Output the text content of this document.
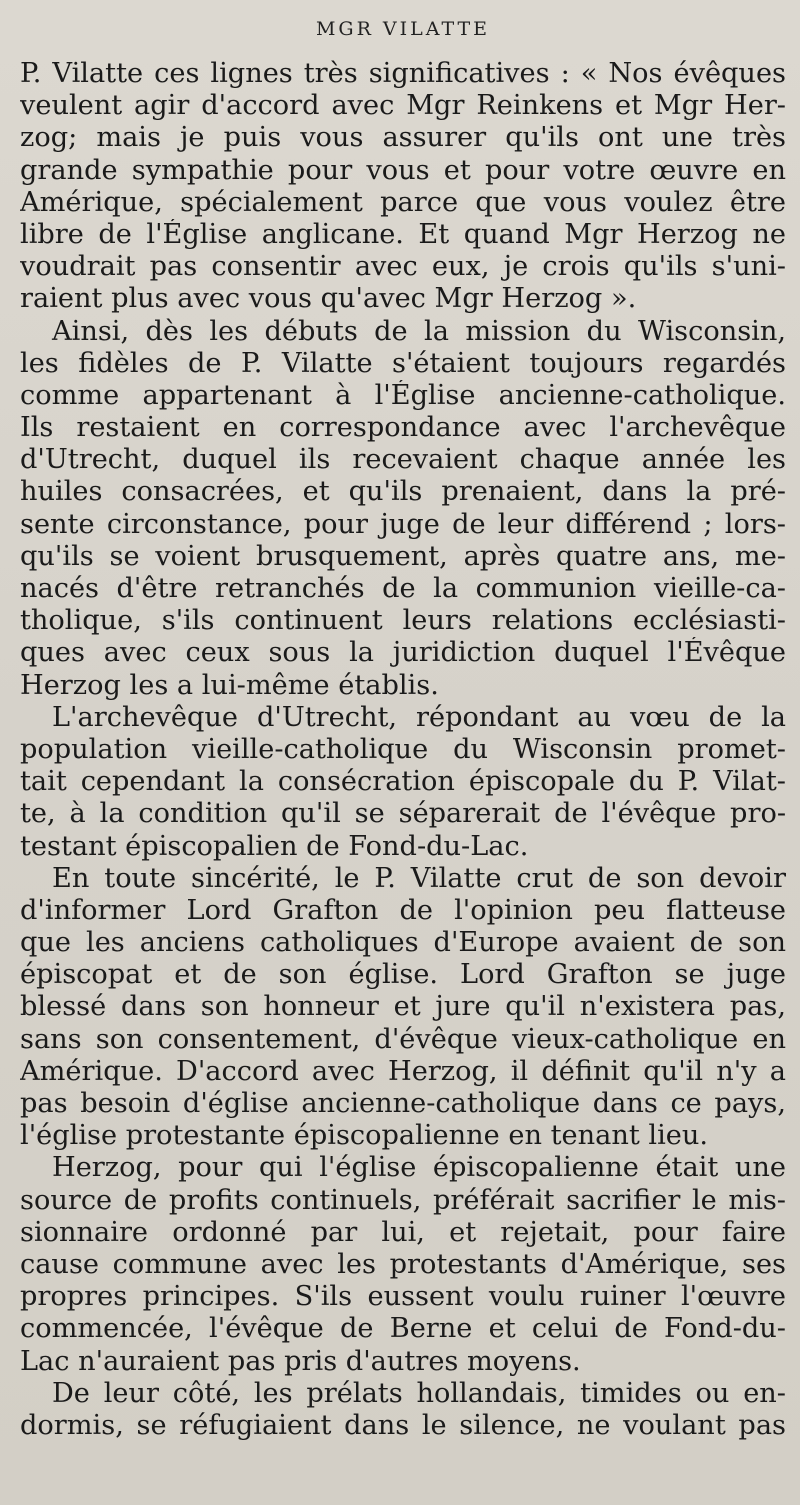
MGR VILATTE
P. Vilatte ces lignes très significatives : « Nos évêques
veulent agir d'accord avec Mgr Reinkens et Mgr Her-
zog; mais je puis vous assurer qu'ils ont une très
grande sympathie pour vous et pour votre œuvre en
Amérique, spécialement parce que vous voulez être
libre de l'Église anglicane. Et quand Mgr Herzog ne
voudrait pas consentir avec eux, je crois qu'ils s'uni-
raient plus avec vous qu'avec Mgr Herzog ».
Ainsi, dès les débuts de la mission du Wisconsin,
les fidèles de P. Vilatte s'étaient toujours regardés
comme appartenant à l'Église ancienne-catholique.
Ils restaient en correspondance avec l'archevêque
d'Utrecht, duquel ils recevaient chaque année les
huiles consacrées, et qu'ils prenaient, dans la pré-
sente circonstance, pour juge de leur différend ; lors-
qu'ils se voient brusquement, après quatre ans, me-
nacés d'être retranchés de la communion vieille-ca-
tholique, s'ils continuent leurs relations ecclésiasti-
ques avec ceux sous la juridiction duquel l'Évêque
Herzog les a lui-même établis.
L'archevêque d'Utrecht, répondant au vœu de la
population vieille-catholique du Wisconsin promet-
tait cependant la consécration épiscopale du P. Vilat-
te, à la condition qu'il se séparerait de l'évêque pro-
testant épiscopalien de Fond-du-Lac.
En toute sincérité, le P. Vilatte crut de son devoir
d'informer Lord Grafton de l'opinion peu flatteuse
que les anciens catholiques d'Europe avaient de son
épiscopat et de son église. Lord Grafton se juge
blessé dans son honneur et jure qu'il n'existera pas,
sans son consentement, d'évêque vieux-catholique en
Amérique. D'accord avec Herzog, il définit qu'il n'y a
pas besoin d'église ancienne-catholique dans ce pays,
l'église protestante épiscopalienne en tenant lieu.
Herzog, pour qui l'église épiscopalienne était une
source de profits continuels, préférait sacrifier le mis-
sionnaire ordonné par lui, et rejetait, pour faire
cause commune avec les protestants d'Amérique, ses
propres principes. S'ils eussent voulu ruiner l'œuvre
commencée, l'évêque de Berne et celui de Fond-du-
Lac n'auraient pas pris d'autres moyens.
De leur côté, les prélats hollandais, timides ou en-
dormis, se réfugiaient dans le silence, ne voulant pas
